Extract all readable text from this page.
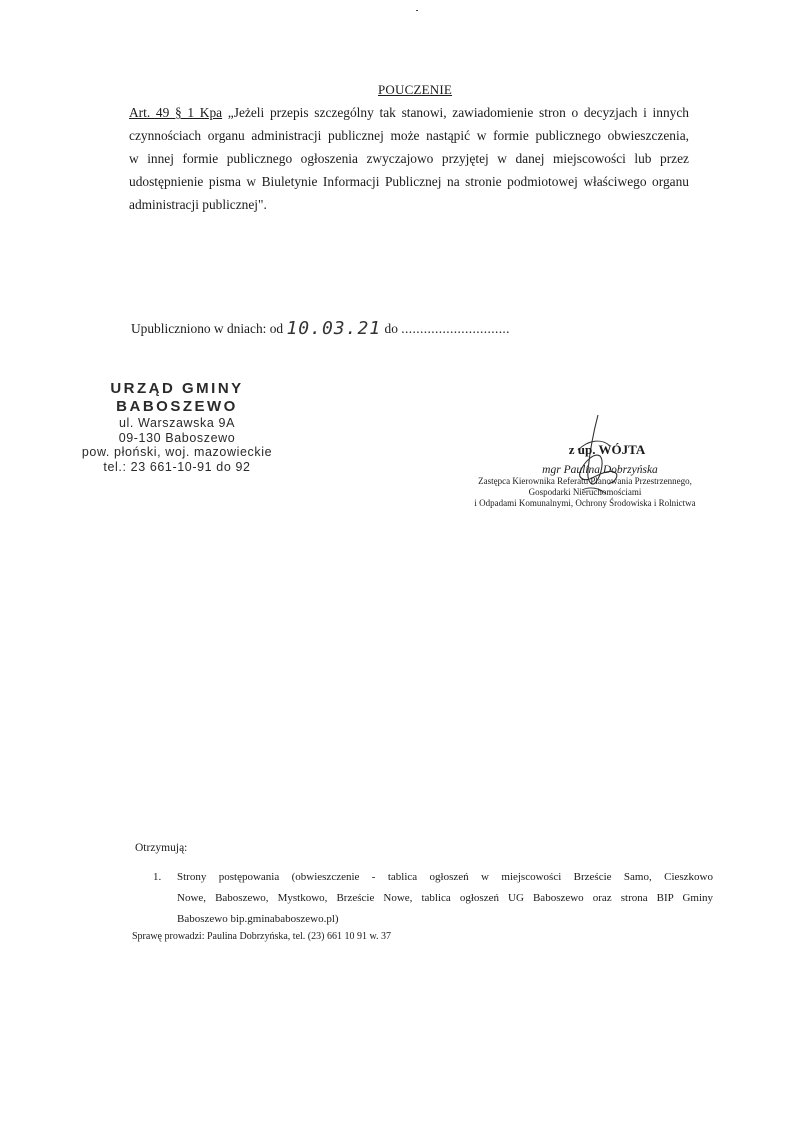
POUCZENIE
Art. 49 § 1 Kpa „Jeżeli przepis szczególny tak stanowi, zawiadomienie stron o decyzjach i innych
czynnościach organu administracji publicznej może nastąpić w formie publicznego obwieszczenia,
w innej formie publicznego ogłoszenia zwyczajowo przyjętej w danej miejscowości lub przez
udostępnienie pisma w Biuletynie Informacji Publicznej na stronie podmiotowej właściwego organu
administracji publicznej".
Upubliczniono w dniach: od 10.03.21 do .............................
URZĄD GMINY
BABOSZEWO
ul. Warszawska 9A
09-130 Baboszewo
pow. płoński, woj. mazowieckie
tel.: 23 661-10-91 do 92
z up. WÓJTA
mgr Paulina Dobrzyńska
Zastępca Kierownika Referatu Planowania Przestrzennego,
Gospodarki Nieruchomościami
i Odpadami Komunalnymi, Ochrony Środowiska i Rolnictwa
Otrzymują:
1. Strony postępowania (obwieszczenie - tablica ogłoszeń w miejscowości Brzeście Samo, Cieszkowo
Nowe, Baboszewo, Mystkowo, Brzeście Nowe, tablica ogłoszeń UG Baboszewo oraz strona BIP Gminy
Baboszewo bip.gminababoszewo.pl)
Sprawę prowadzi: Paulina Dobrzyńska, tel. (23) 661 10 91 w. 37
